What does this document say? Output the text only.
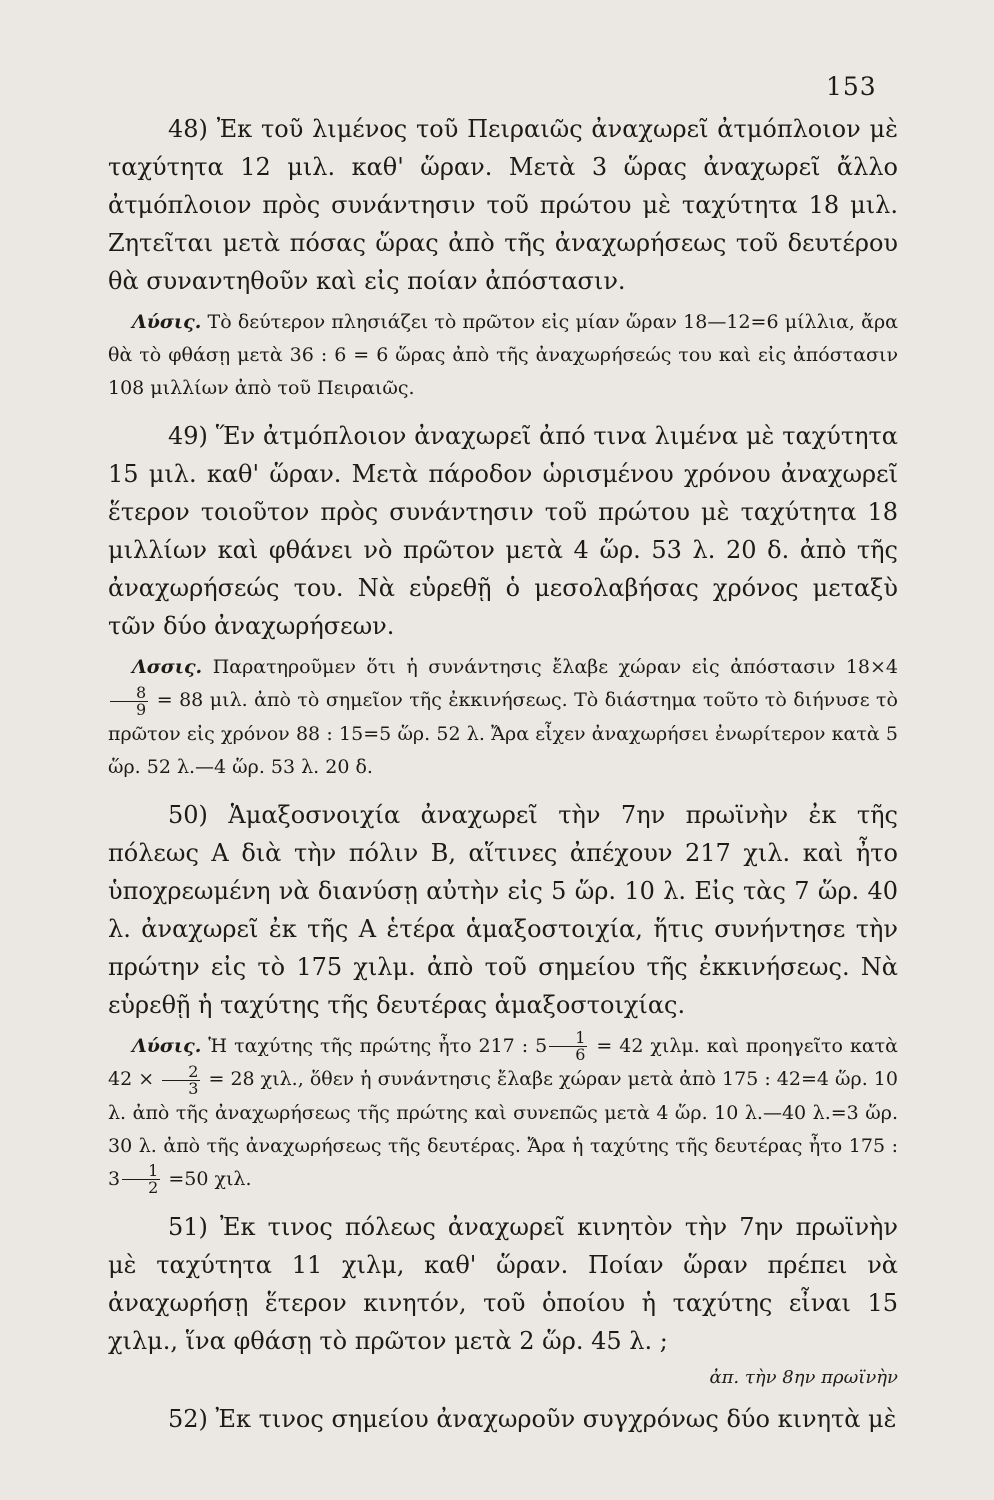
153

48) Ἐκ τοῦ λιμένος τοῦ Πειραιῶς ἀναχωρεῖ ἀτμόπλοιον μὲ ταχύτητα 12 μιλ. καθ' ὥραν. Μετὰ 3 ὥρας ἀναχωρεῖ ἄλλο ἀτμόπλοιον πρὸς συνάντησιν τοῦ πρώτου μὲ ταχύτητα 18 μιλ. Ζητεῖται μετὰ πόσας ὥρας ἀπὸ τῆς ἀναχωρήσεως τοῦ δευτέρου θὰ συναντηθοῦν καὶ εἰς ποίαν ἀπόστασιν.

Λύσις. Τὸ δεύτερον πλησιάζει τὸ πρῶτον εἰς μίαν ὥραν 18—12=6 μίλλια, ἄρα θὰ τὸ φθάσῃ μετὰ 36 : 6 = 6 ὥρας ἀπὸ τῆς ἀναχωρήσεώς του καὶ εἰς ἀπόστασιν 108 μιλλίων ἀπὸ τοῦ Πειραιῶς.

49) Ἕν ἀτμόπλοιον ἀναχωρεῖ ἀπό τινα λιμένα μὲ ταχύτητα 15 μιλ. καθ' ὥραν. Μετὰ πάροδον ὡρισμένου χρόνου ἀναχωρεῖ ἕτερον τοιοῦτον πρὸς συνάντησιν τοῦ πρώτου μὲ ταχύτητα 18 μιλλίων καὶ φθάνει νὸ πρῶτον μετὰ 4 ὥρ. 53 λ. 20 δ. ἀπὸ τῆς ἀναχωρήσεώς του. Νὰ εὑρεθῇ ὁ μεσολαβήσας χρόνος μεταξὺ τῶν δύο ἀναχωρήσεων.

Λσσις. Παρατηροῦμεν ὅτι ἡ συνάντησις ἔλαβε χώραν εἰς ἀπόστασιν 18×4
$\frac{8}{9} = 88$ μιλ. ἀπὸ τὸ σημεῖον τῆς ἐκκινήσεως. Τὸ διάστημα τοῦτο τὸ διήνυσε τὸ πρῶτον εἰς χρόνον 88 : 15=5 ὥρ. 52 λ. Ἄρα εἶχεν ἀναχωρήσει ἐνωρίτερον κατὰ 5 ὥρ. 52 λ.—4 ὥρ. 53 λ. 20 δ.

50) Ἁμαξοσνοιχία ἀναχωρεῖ τὴν 7ην πρωϊνὴν ἐκ τῆς πόλεως Α διὰ τὴν πόλιν Β, αἵτινες ἀπέχουν 217 χιλ. καὶ ἦτο ὑποχρεωμένη νὰ διανύσῃ αὐτὴν εἰς 5 ὥρ. 10 λ. Εἰς τὰς 7 ὥρ. 40 λ. ἀναχωρεῖ ἐκ τῆς Α ἑτέρα ἁμαξοστοιχία, ἥτις συνήντησε τὴν πρώτην εἰς τὸ 175 χιλμ. ἀπὸ τοῦ σημείου τῆς ἐκκινήσεως. Νὰ εὑρεθῇ ἡ ταχύτης τῆς δευτέρας ἁμαξοστοιχίας.

Λύσις. Ἡ ταχύτης τῆς πρώτης ἦτο 217 : $5 \frac{1}{6} = 42$ χιλμ. καὶ προηγεῖτο κατὰ $42 \times \frac{2}{3} = 28$ χιλ., ὅθεν ἡ συνάντησις ἔλαβε χώραν μετὰ ἀπὸ 175 : 42=4 ὥρ. 10 λ. ἀπὸ τῆς ἀναχωρήσεως τῆς πρώτης καὶ συνεπῶς μετὰ 4 ὥρ. 10 λ.—40 λ.=3 ὥρ. 30 λ. ἀπὸ τῆς ἀναχωρήσεως τῆς δευτέρας. Ἄρα ἡ ταχύτης τῆς δευτέρας ἦτο 175 : $3 \frac{1}{2} =50$ χιλ.

51) Ἐκ τινος πόλεως ἀναχωρεῖ κινητὸν τὴν 7ην πρωϊνὴν μὲ ταχύτητα 11 χιλμ, καθ' ὥραν. Ποίαν ὥραν πρέπει νὰ ἀναχωρήσῃ ἕτερον κινητόν, τοῦ ὁποίου ἡ ταχύτης εἶναι 15 χιλμ., ἵνα φθάσῃ τὸ πρῶτον μετὰ 2 ὥρ. 45 λ. ;

ἀπ. τὴν 8ην πρωϊνὴν

52) Ἐκ τινος σημείου ἀναχωροῦν συγχρόνως δύο κινητὰ μὲ
